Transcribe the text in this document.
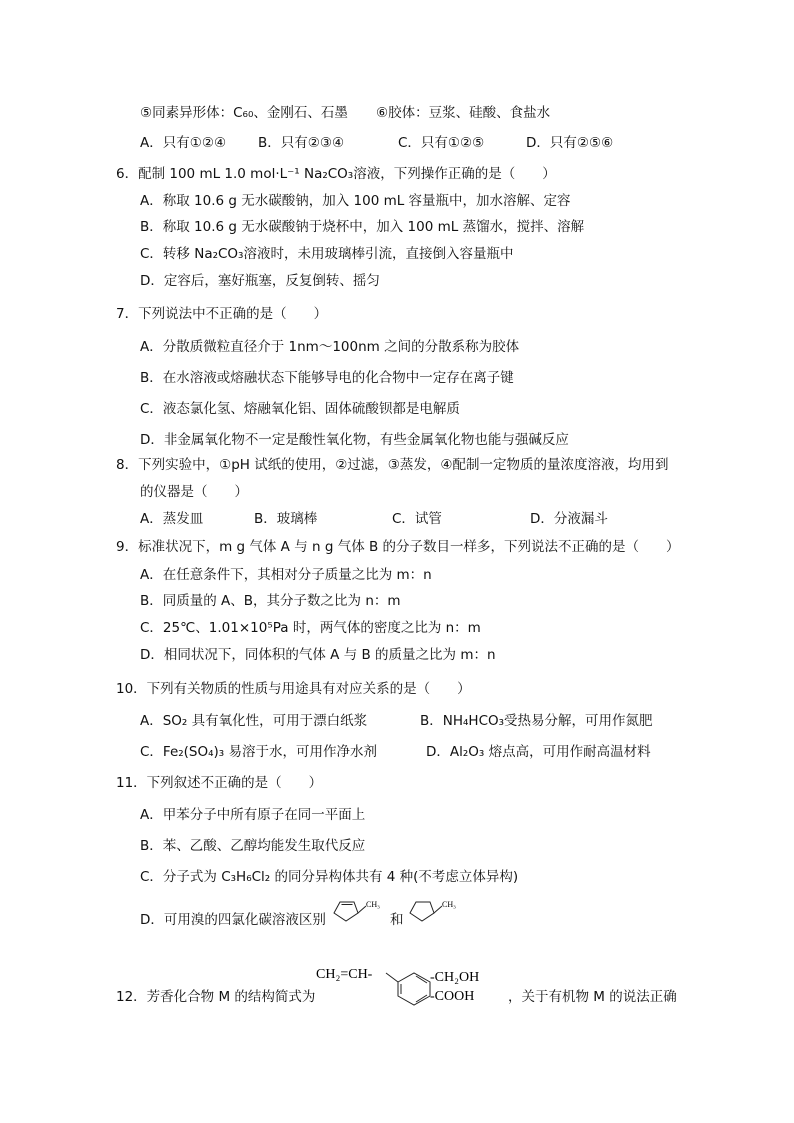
⑤同素异形体：C₆₀、金刚石、石墨 ⑥胶体：豆浆、硅酸、食盐水
A．只有①②④ B．只有②③④	C．只有①②⑤	D．只有②⑤⑥
6．配制 100 mL 1.0 mol·L⁻¹ Na₂CO₃溶液，下列操作正确的是（　　）
A．称取 10.6 g 无水碳酸钠，加入 100 mL 容量瓶中，加水溶解、定容
B．称取 10.6 g 无水碳酸钠于烧杯中，加入 100 mL 蒸馏水，搅拌、溶解
C．转移 Na₂CO₃溶液时，未用玻璃棒引流，直接倒入容量瓶中
D．定容后，塞好瓶塞，反复倒转、摇匀
7．下列说法中不正确的是（　　）
A．分散质微粒直径介于 1nm～100nm 之间的分散系称为胶体
B．在水溶液或熔融状态下能够导电的化合物中一定存在离子键
C．液态氯化氢、熔融氧化铝、固体硫酸钡都是电解质
D．非金属氧化物不一定是酸性氧化物，有些金属氧化物也能与强碱反应
8．下列实验中，①pH 试纸的使用，②过滤，③蒸发，④配制一定物质的量浓度溶液，均用到
的仪器是（　　）
A．蒸发皿	B．玻璃棒	C．试管	D．分液漏斗
9．标准状况下，m g 气体 A 与 n g 气体 B 的分子数目一样多，下列说法不正确的是（　　）
A．在任意条件下，其相对分子质量之比为 m：n
B．同质量的 A、B，其分子数之比为 n：m
C．25℃、1.01×10⁵Pa 时，两气体的密度之比为 n：m
D．相同状况下，同体积的气体 A 与 B 的质量之比为 m：n
10．下列有关物质的性质与用途具有对应关系的是（　　）
A．SO₂ 具有氧化性，可用于漂白纸浆	B．NH₄HCO₃受热易分解，可用作氮肥
C．Fe₂(SO₄)₃ 易溶于水，可用作净水剂	D．Al₂O₃ 熔点高，可用作耐高温材料
11．下列叙述不正确的是（　　）
A．甲苯分子中所有原子在同一平面上
B．苯、乙酸、乙醇均能发生取代反应
C．分子式为 C₃H₆Cl₂ 的同分异构体共有 4 种(不考虑立体异构)
D．可用溴的四氯化碳溶液区别
CH₃
和
CH₃
12．芳香化合物 M 的结构简式为
CH₂=CH-	-CH₂OH
-COOH ，关于有机物 M 的说法正确
